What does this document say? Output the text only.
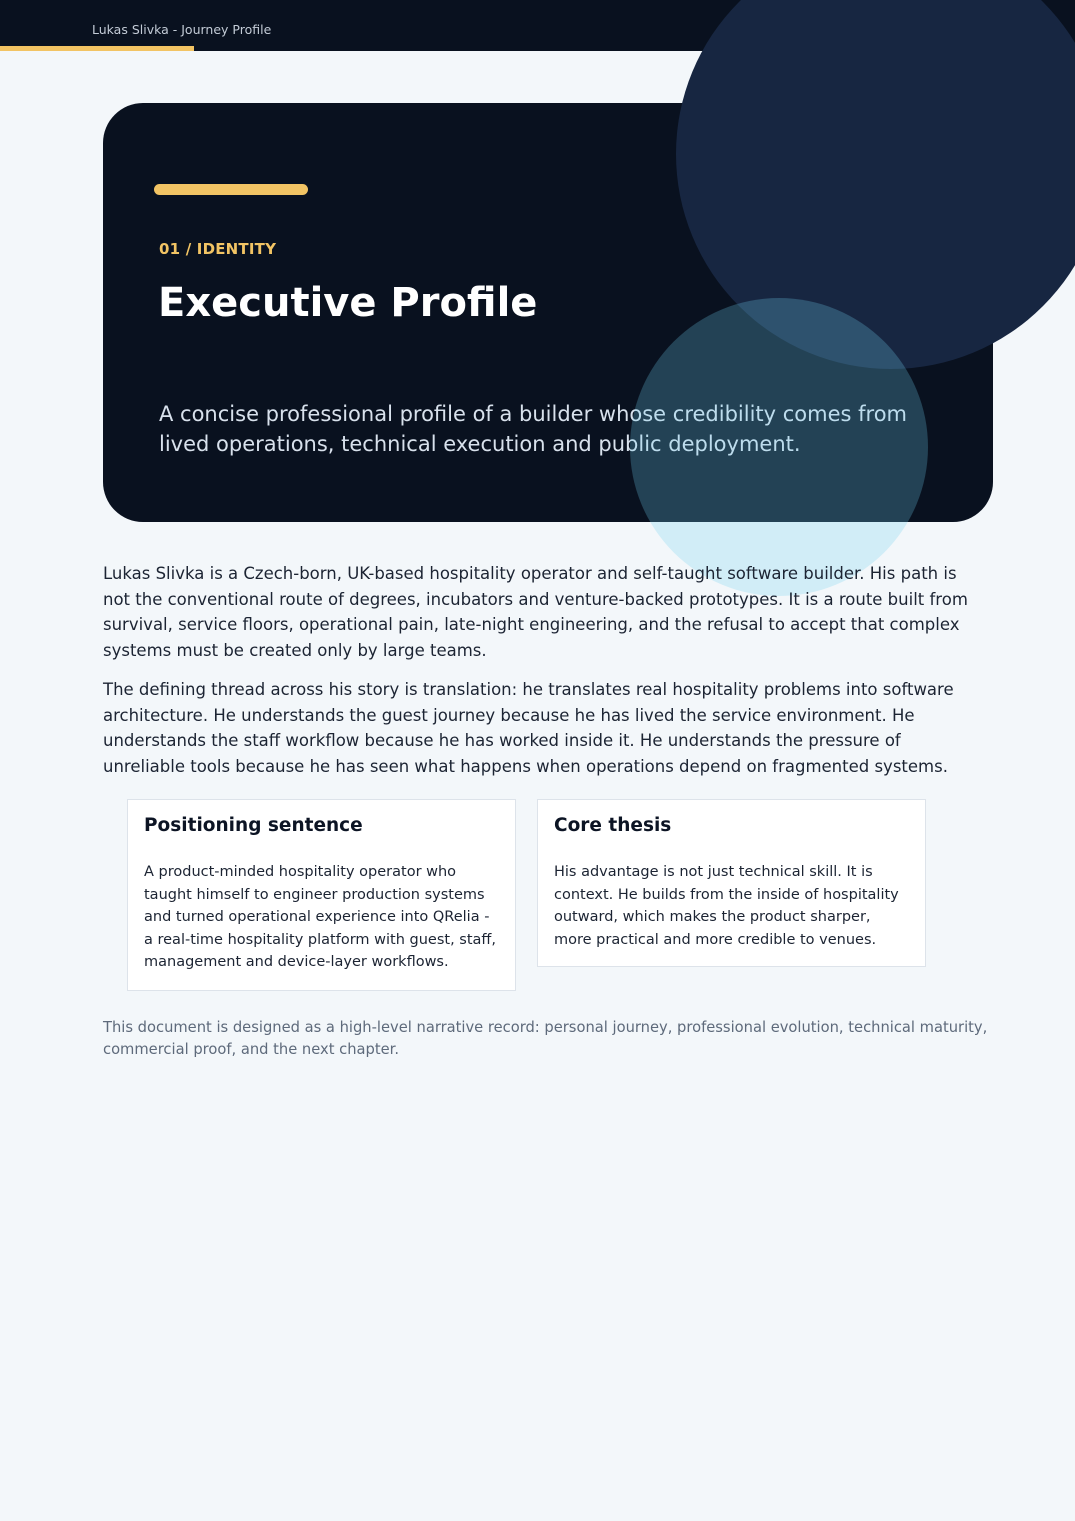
Lukas Slivka - Journey Profile
01 / IDENTITY
Executive Profile

A concise professional profile of a builder whose credibility comes from lived operations, technical execution and public deployment.

Lukas Slivka is a Czech-born, UK-based hospitality operator and self-taught software builder. His path is not the conventional route of degrees, incubators and venture-backed prototypes. It is a route built from survival, service floors, operational pain, late-night engineering, and the refusal to accept that complex systems must be created only by large teams.

The defining thread across his story is translation: he translates real hospitality problems into software architecture. He understands the guest journey because he has lived the service environment. He understands the staff workflow because he has worked inside it. He understands the pressure of unreliable tools because he has seen what happens when operations depend on fragmented systems.

Positioning sentence
A product-minded hospitality operator who taught himself to engineer production systems and turned operational experience into QRelia - a real-time hospitality platform with guest, staff, management and device-layer workflows.
Core thesis
His advantage is not just technical skill. It is context. He builds from the inside of hospitality outward, which makes the product sharper, more practical and more credible to venues.

This document is designed as a high-level narrative record: personal journey, professional evolution, technical maturity, commercial proof, and the next chapter.
